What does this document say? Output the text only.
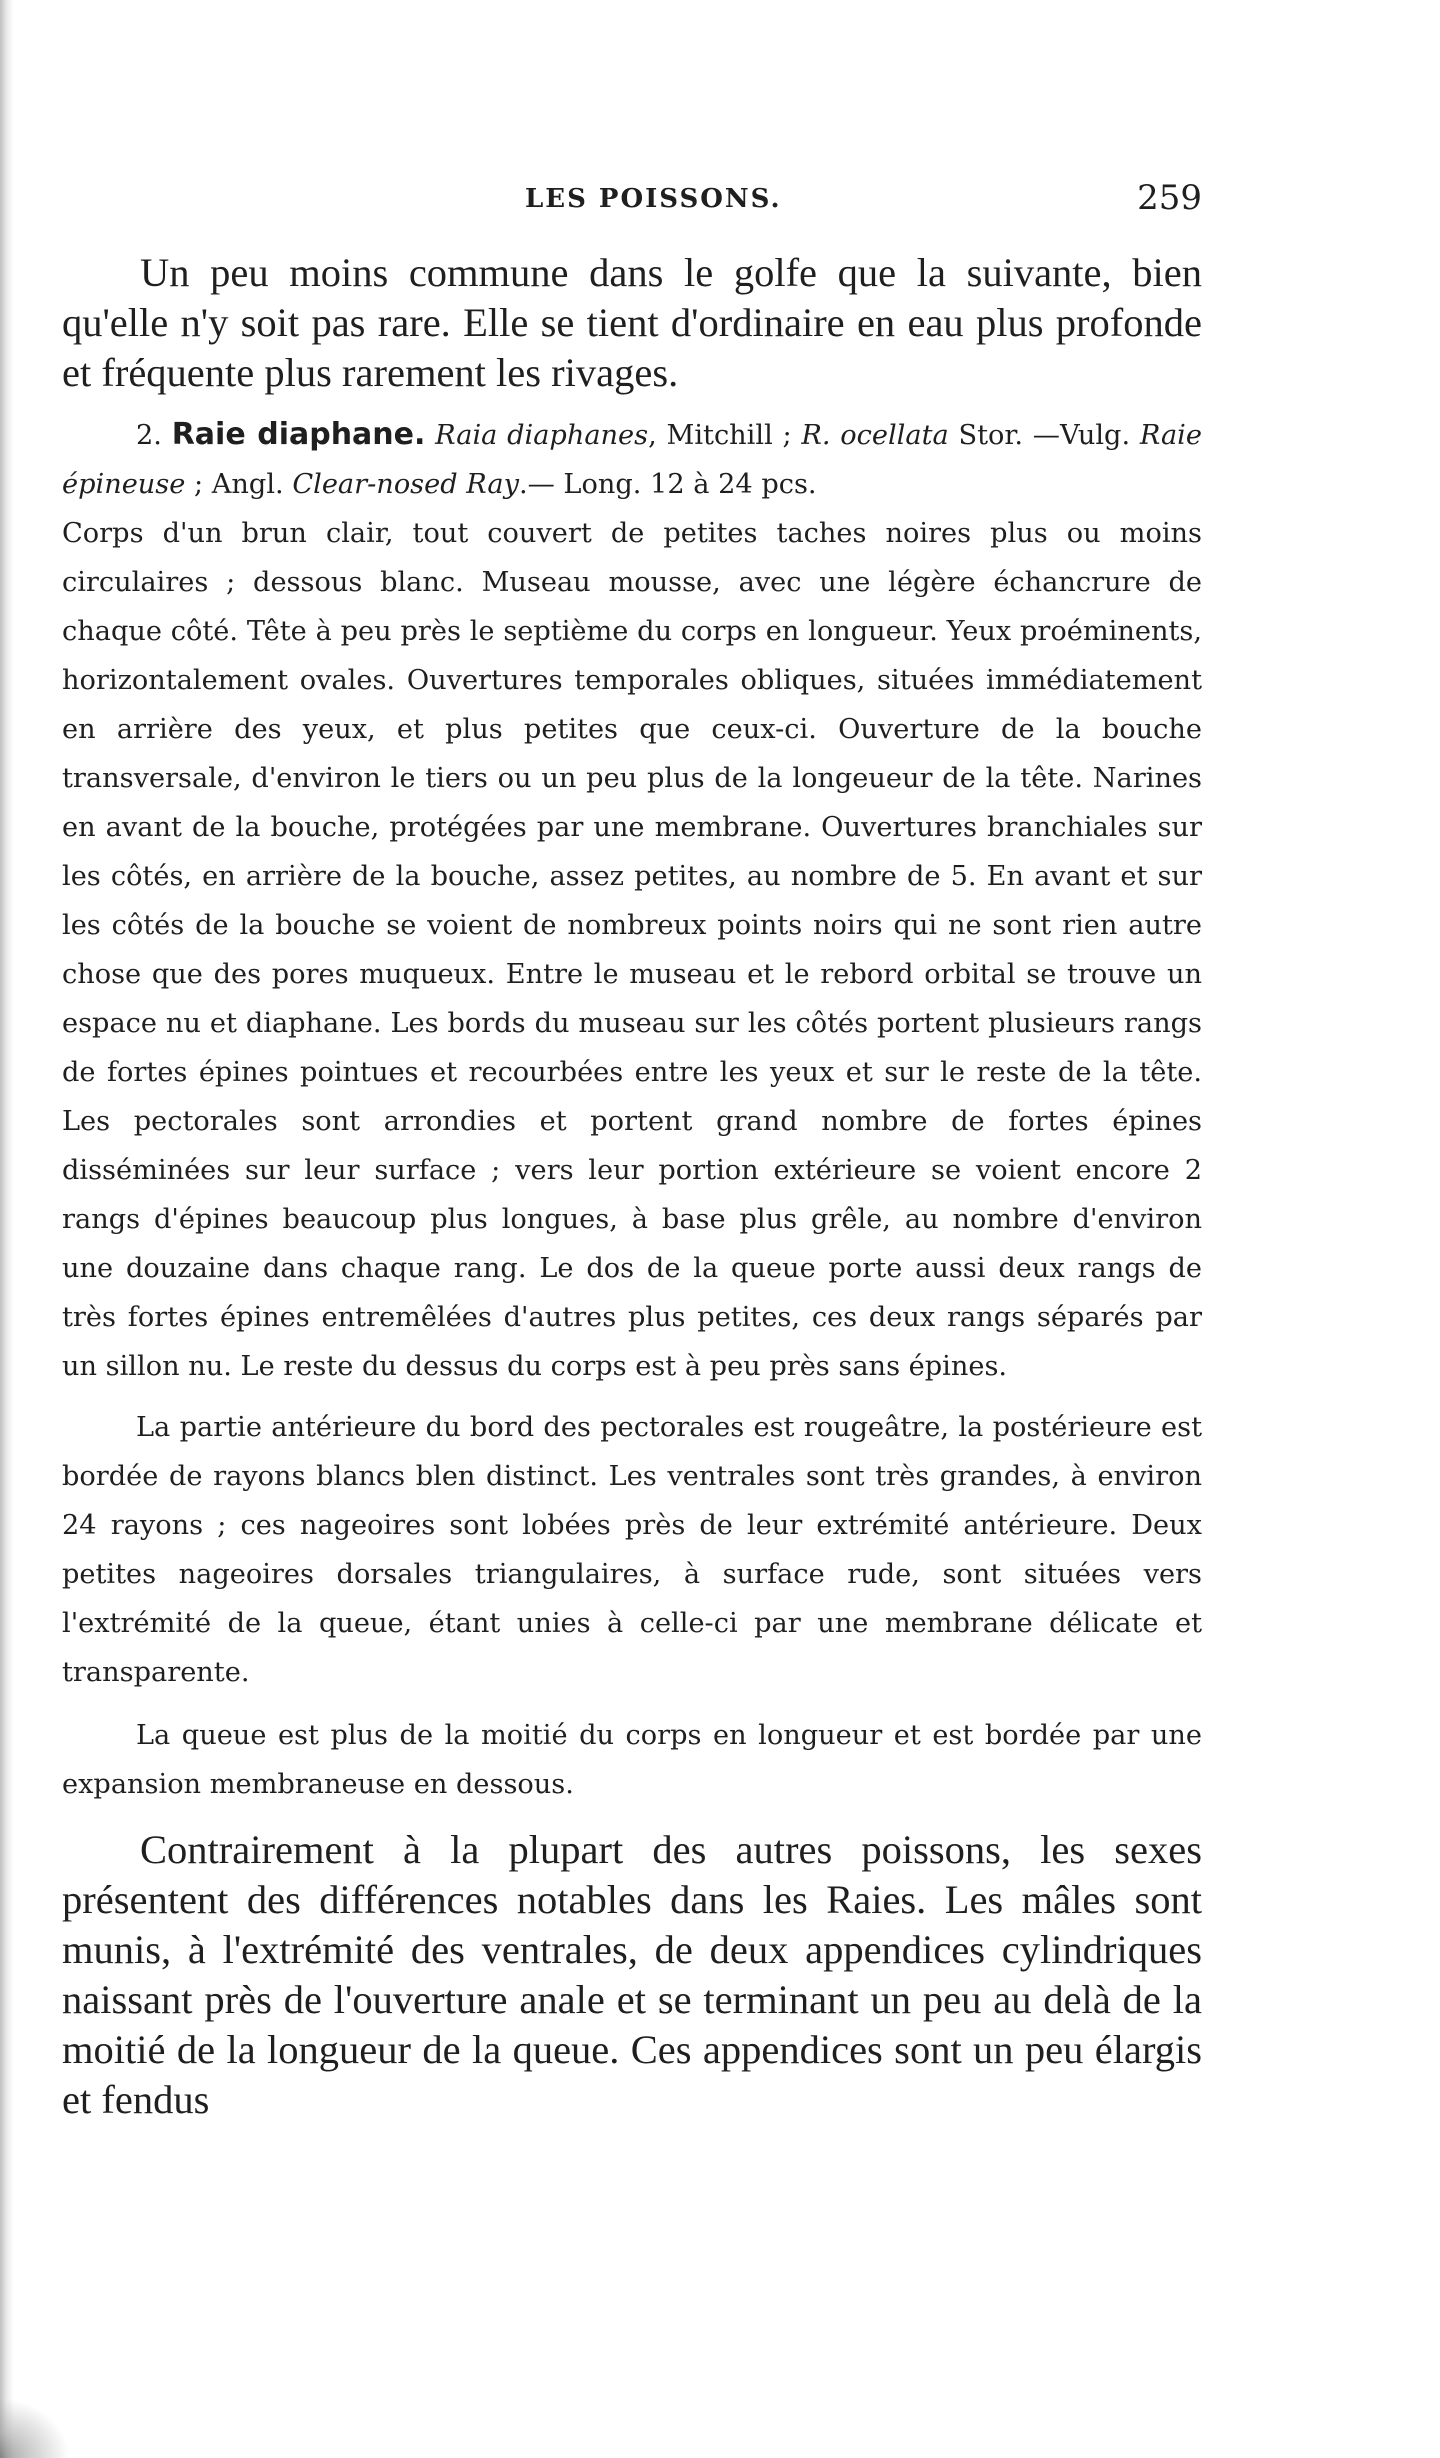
LES POISSONS.	259

Un peu moins commune dans le golfe que la suivante, bien qu'elle n'y soit pas rare. Elle se tient d'ordinaire en eau plus profonde et fréquente plus rarement les rivages.

2. Raie diaphane. Raia diaphanes, Mitchill ; R. ocellata Stor. —Vulg. Raie épineuse ; Angl. Clear-nosed Ray.— Long. 12 à 24 pcs.

Corps d'un brun clair, tout couvert de petites taches noires plus ou moins circulaires ; dessous blanc. Museau mousse, avec une légère échancrure de chaque côté. Tête à peu près le septième du corps en longueur. Yeux proéminents, horizontalement ovales. Ouvertures temporales obliques, situées immédiatement en arrière des yeux, et plus petites que ceux-ci. Ouverture de la bouche transversale, d'environ le tiers ou un peu plus de la longeueur de la tête. Narines en avant de la bouche, protégées par une membrane. Ouvertures branchiales sur les côtés, en arrière de la bouche, assez petites, au nombre de 5. En avant et sur les côtés de la bouche se voient de nombreux points noirs qui ne sont rien autre chose que des pores muqueux. Entre le museau et le rebord orbital se trouve un espace nu et diaphane. Les bords du museau sur les côtés portent plusieurs rangs de fortes épines pointues et recourbées entre les yeux et sur le reste de la tête. Les pectorales sont arrondies et portent grand nombre de fortes épines disséminées sur leur surface ; vers leur portion extérieure se voient encore 2 rangs d'épines beaucoup plus longues, à base plus grêle, au nombre d'environ une douzaine dans chaque rang. Le dos de la queue porte aussi deux rangs de très fortes épines entremêlées d'autres plus petites, ces deux rangs séparés par un sillon nu. Le reste du dessus du corps est à peu près sans épines.

La partie antérieure du bord des pectorales est rougeâtre, la postérieure est bordée de rayons blancs blen distinct. Les ventrales sont très grandes, à environ 24 rayons ; ces nageoires sont lobées près de leur extrémité antérieure. Deux petites nageoires dorsales triangulaires, à surface rude, sont situées vers l'extrémité de la queue, étant unies à celle-ci par une membrane délicate et transparente.

La queue est plus de la moitié du corps en longueur et est bordée par une expansion membraneuse en dessous.

Contrairement à la plupart des autres poissons, les sexes présentent des différences notables dans les Raies. Les mâles sont munis, à l'extrémité des ventrales, de deux appendices cylindriques naissant près de l'ouverture anale et se terminant un peu au delà de la moitié de la longueur de la queue. Ces appendices sont un peu élargis et fendus
